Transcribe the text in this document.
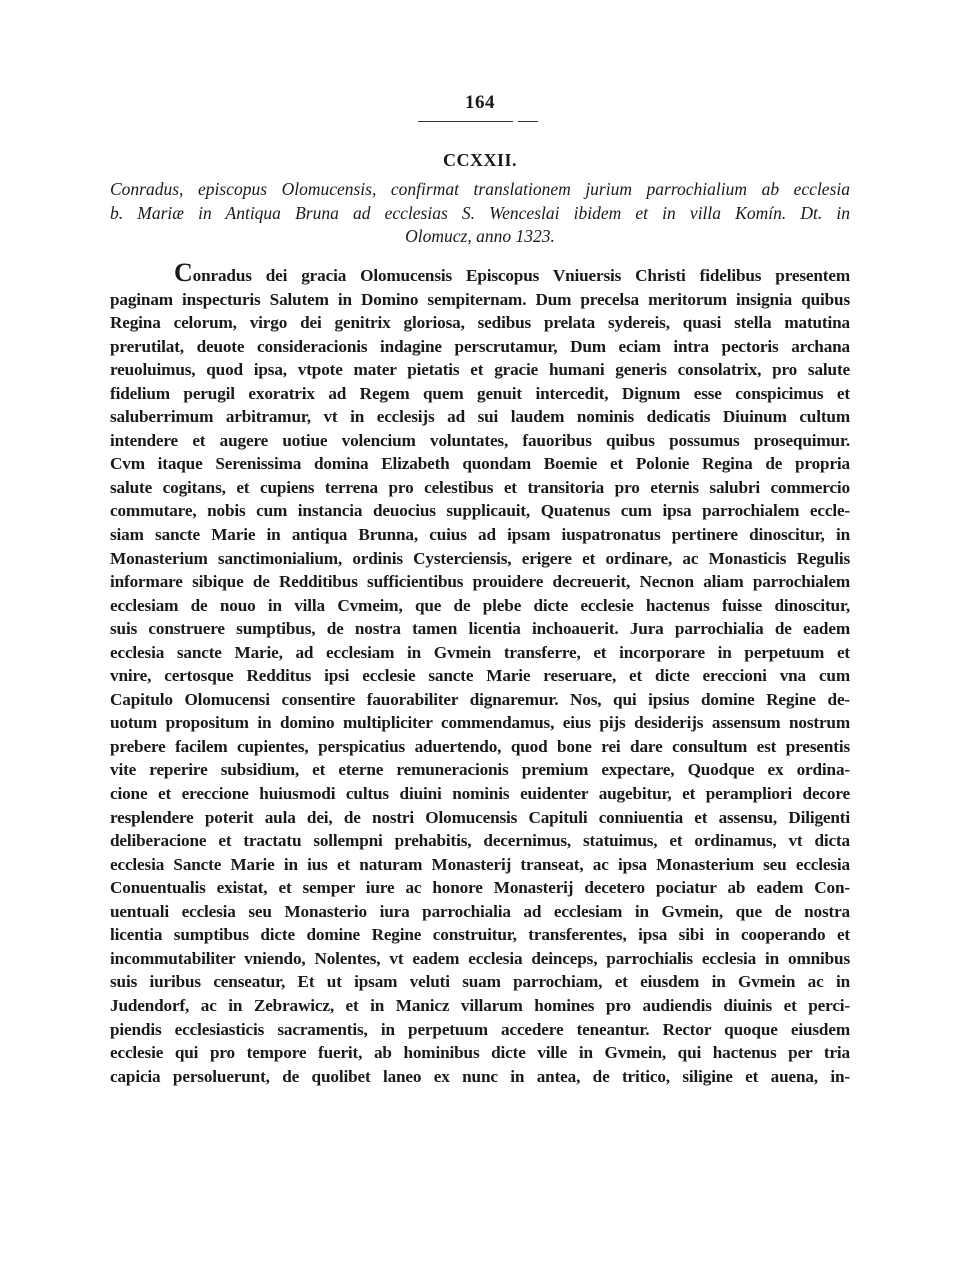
164
CCXXII.
Conradus, episcopus Olomucensis, confirmat translationem jurium parrochialium ab ecclesia
b. Mariæ in Antiqua Bruna ad ecclesias S. Wenceslai ibidem et in villa Komín. Dt. in
Olomucz, anno 1323.
Conradus dei gracia Olomucensis Episcopus Vniuersis Christi fidelibus presentem
paginam inspecturis Salutem in Domino sempiternam. Dum precelsa meritorum insignia quibus
Regina celorum, virgo dei genitrix gloriosa, sedibus prelata sydereis, quasi stella matutina
prerutilat, deuote consideracionis indagine perscrutamur, Dum eciam intra pectoris archana
reuoluimus, quod ipsa, vtpote mater pietatis et gracie humani generis consolatrix, pro salute
fidelium perugil exoratrix ad Regem quem genuit intercedit, Dignum esse conspicimus et
saluberrimum arbitramur, vt in ecclesijs ad sui laudem nominis dedicatis Diuinum cultum
intendere et augere uotiue volencium voluntates, fauoribus quibus possumus prosequimur.
Cvm itaque Serenissima domina Elizabeth quondam Boemie et Polonie Regina de propria
salute cogitans, et cupiens terrena pro celestibus et transitoria pro eternis salubri commercio
commutare, nobis cum instancia deuocius supplicauit, Quatenus cum ipsa parrochialem eccle-
siam sancte Marie in antiqua Brunna, cuius ad ipsam iuspatronatus pertinere dinoscitur, in
Monasterium sanctimonialium, ordinis Cysterciensis, erigere et ordinare, ac Monasticis Regulis
informare sibique de Redditibus sufficientibus prouidere decreuerit, Necnon aliam parrochialem
ecclesiam de nouo in villa Cvmeim, que de plebe dicte ecclesie hactenus fuisse dinoscitur,
suis construere sumptibus, de nostra tamen licentia inchoauerit. Jura parrochialia de eadem
ecclesia sancte Marie, ad ecclesiam in Gvmein transferre, et incorporare in perpetuum et
vnire, certosque Redditus ipsi ecclesie sancte Marie reseruare, et dicte ereccioni vna cum
Capitulo Olomucensi consentire fauorabiliter dignaremur. Nos, qui ipsius domine Regine de-
uotum propositum in domino multipliciter commendamus, eius pijs desiderijs assensum nostrum
prebere facilem cupientes, perspicatius aduertendo, quod bone rei dare consultum est presentis
vite reperire subsidium, et eterne remuneracionis premium expectare, Quodque ex ordina-
cione et ereccione huiusmodi cultus diuini nominis euidenter augebitur, et perampliori decore
resplendere poterit aula dei, de nostri Olomucensis Capituli conniuentia et assensu, Diligenti
deliberacione et tractatu sollempni prehabitis, decernimus, statuimus, et ordinamus, vt dicta
ecclesia Sancte Marie in ius et naturam Monasterij transeat, ac ipsa Monasterium seu ecclesia
Conuentualis existat, et semper iure ac honore Monasterij decetero pociatur ab eadem Con-
uentuali ecclesia seu Monasterio iura parrochialia ad ecclesiam in Gvmein, que de nostra
licentia sumptibus dicte domine Regine construitur, transferentes, ipsa sibi in cooperando et
incommutabiliter vniendo, Nolentes, vt eadem ecclesia deinceps, parrochialis ecclesia in omnibus
suis iuribus censeatur, Et ut ipsam veluti suam parrochiam, et eiusdem in Gvmein ac in
Judendorf, ac in Zebrawicz, et in Manicz villarum homines pro audiendis diuinis et perci-
piendis ecclesiasticis sacramentis, in perpetuum accedere teneantur. Rector quoque eiusdem
ecclesie qui pro tempore fuerit, ab hominibus dicte ville in Gvmein, qui hactenus per tria
capicia persoluerunt, de quolibet laneo ex nunc in antea, de tritico, siligine et auena, in-
